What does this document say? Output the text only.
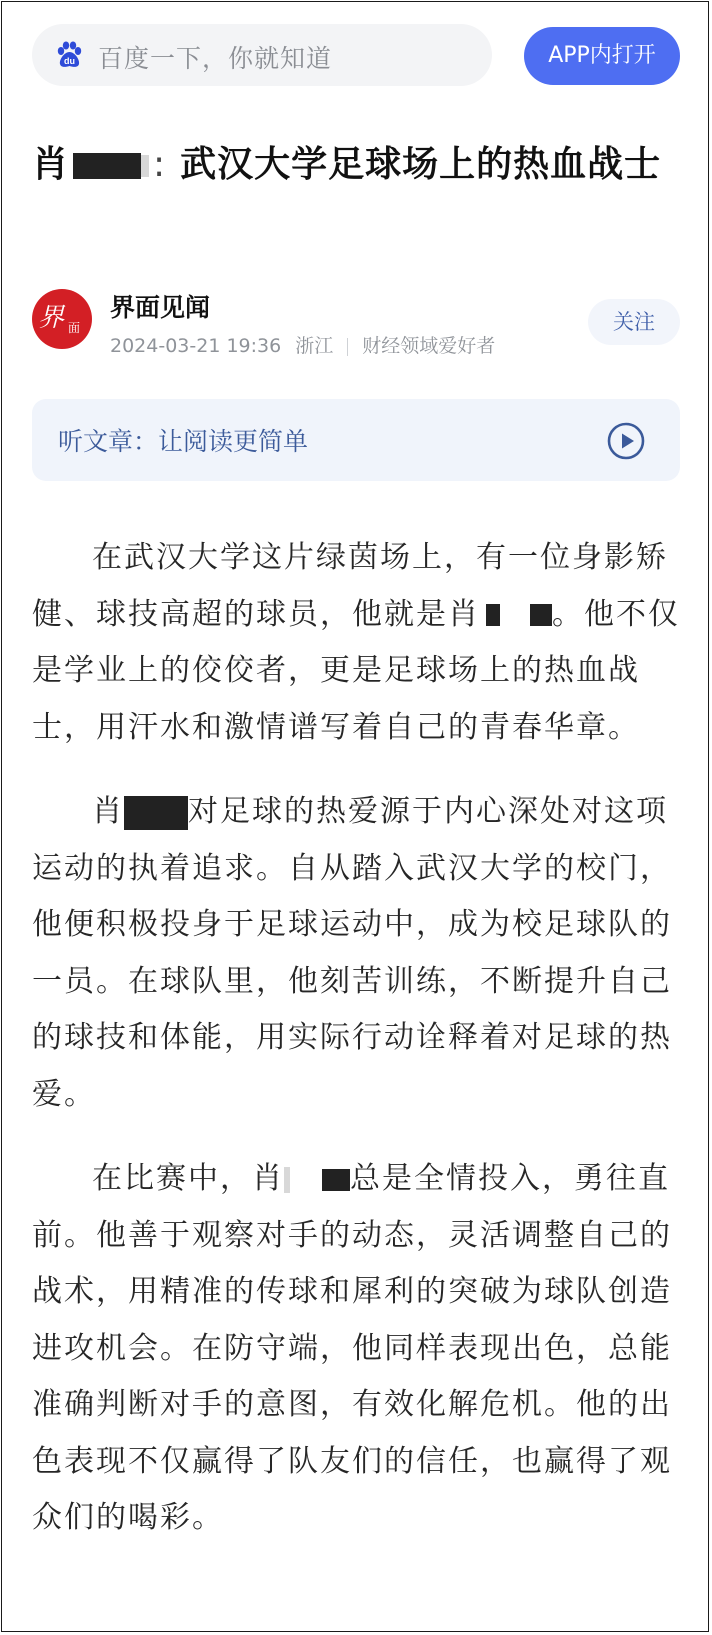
du 百度一下，你就知道	APP内打开
肖 : 武汉大学足球场上的热血战士
界 面
界面见闻
2024-03-21 19:36 浙江 财经领域爱好者
关注
听文章：让阅读更简单

在武汉大学这片绿茵场上，有一位身影矫健、球技高超的球员，他就是肖 。他不仅是学业上的佼佼者，更是足球场上的热血战士，用汗水和激情谱写着自己的青春华章。

肖 对足球的热爱源于内心深处对这项运动的执着追求。自从踏入武汉大学的校门，他便积极投身于足球运动中，成为校足球队的一员。在球队里，他刻苦训练，不断提升自己的球技和体能，用实际行动诠释着对足球的热爱。

在比赛中，肖 总是全情投入，勇往直前。他善于观察对手的动态，灵活调整自己的战术，用精准的传球和犀利的突破为球队创造进攻机会。在防守端，他同样表现出色，总能准确判断对手的意图，有效化解危机。他的出色表现不仅赢得了队友们的信任，也赢得了观众们的喝彩。
